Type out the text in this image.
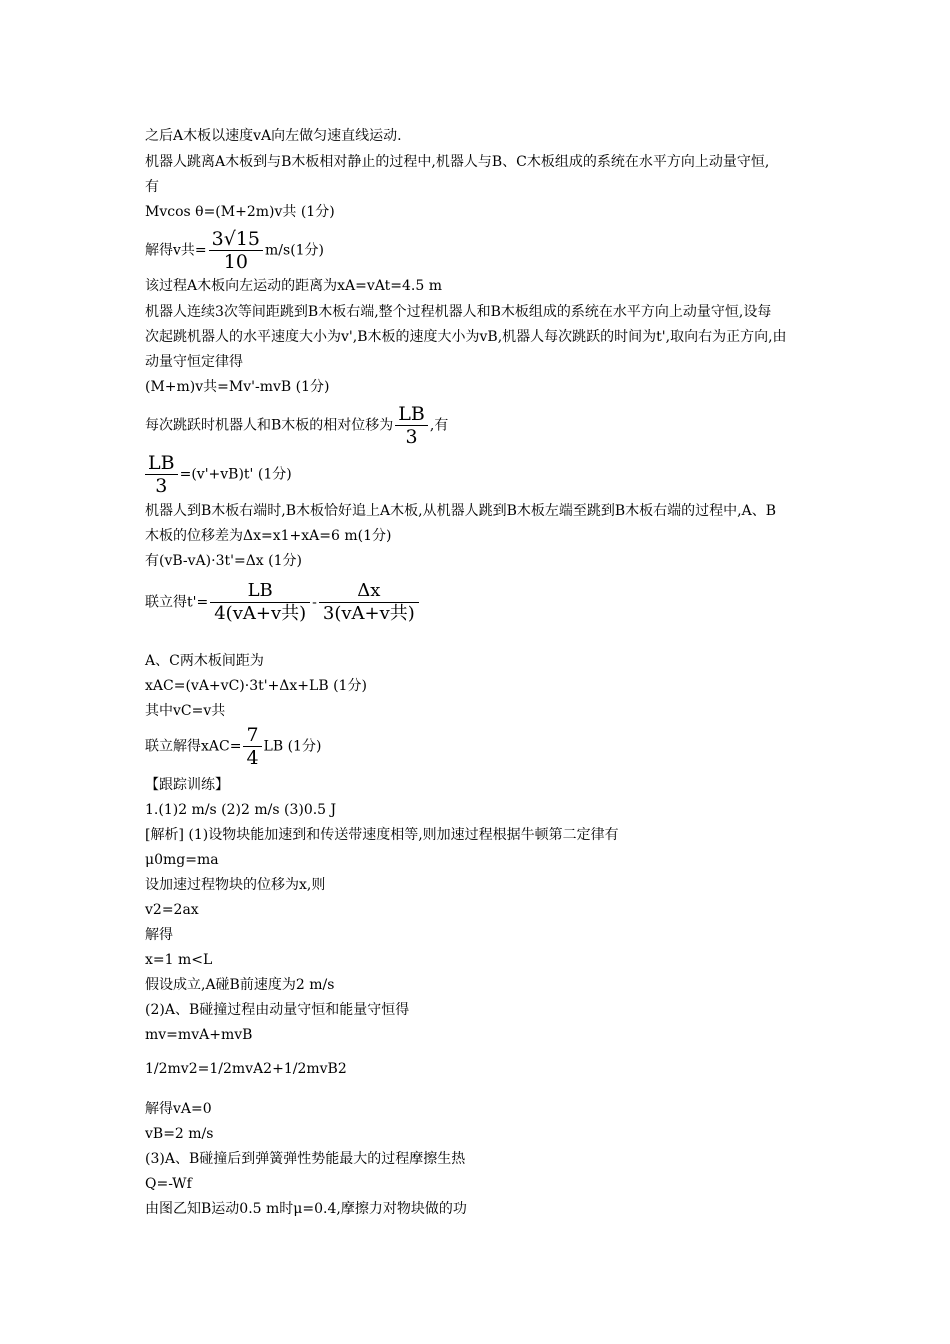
之后A木板以速度vA向左做匀速直线运动.
机器人跳离A木板到与B木板相对静止的过程中,机器人与B、C木板组成的系统在水平方向上动量守恒,
有
Mvcos θ=(M+2m)v共 (1分)
解得v共= $\frac{3√15}{10} m/s(1$分)
该过程A木板向左运动的距离为xA=vAt=4.5 m
机器人连续3次等间距跳到B木板右端,整个过程机器人和B木板组成的系统在水平方向上动量守恒,设每
次起跳机器人的水平速度大小为v',B木板的速度大小为vB,机器人每次跳跃的时间为t',取向右为正方向,由
动量守恒定律得
(M+m)v共=Mv'-mvB (1分)
每次跳跃时机器人和B木板的相对位移为 $\frac{LB}{3}$ ,有
$\frac{LB}{3} =(v'+vB)t'$ (1分)
机器人到B木板右端时,B木板恰好追上A木板,从机器人跳到B木板左端至跳到B木板右端的过程中,A、B
木板的位移差为Δx=x1+xA=6 m(1分)
有(vB-vA)·3t'=Δx (1分)
联立得$t'= \frac{LB}{\text{4(vA+v共)}} - \frac{\Delta x}{\text{3(vA+v共)}}$
A、C两木板间距为
xAC=(vA+vC)·3t'+Δx+LB (1分)
其中vC=v共
联立解得$xAC= \frac{7}{4}$ LB (1分)
【跟踪训练】
1.(1)2 m/s (2)2 m/s (3)0.5 J
[解析] (1)设物块能加速到和传送带速度相等,则加速过程根据牛顿第二定律有
μ0mg=ma
设加速过程物块的位移为x,则
v2=2ax
解得
x=1 m<L
假设成立,A碰B前速度为2 m/s
(2)A、B碰撞过程由动量守恒和能量守恒得
mv=mvA+mvB
1/2mv2=1/2mvA2+1/2mvB2
解得vA=0
vB=2 m/s
(3)A、B碰撞后到弹簧弹性势能最大的过程摩擦生热
Q=-Wf
由图乙知B运动0.5 m时μ=0.4,摩擦力对物块做的功
